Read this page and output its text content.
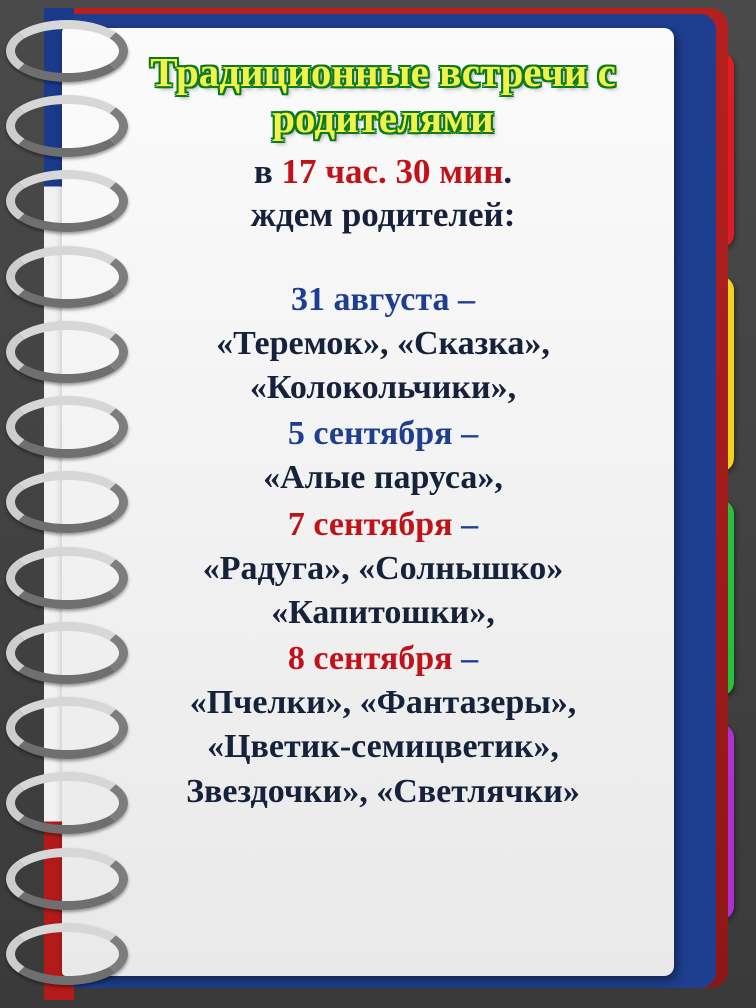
Традиционные встречи с родителями
в 17 час. 30 мин.
ждем родителей:
31 августа –
«Теремок», «Сказка»,
«Колокольчики»,
5 сентября –
«Алые паруса»,
7 сентября –
«Радуга», «Солнышко»
«Капитошки»,
8 сентября –
«Пчелки», «Фантазеры»,
«Цветик-семицветик»,
Звездочки», «Светлячки»
